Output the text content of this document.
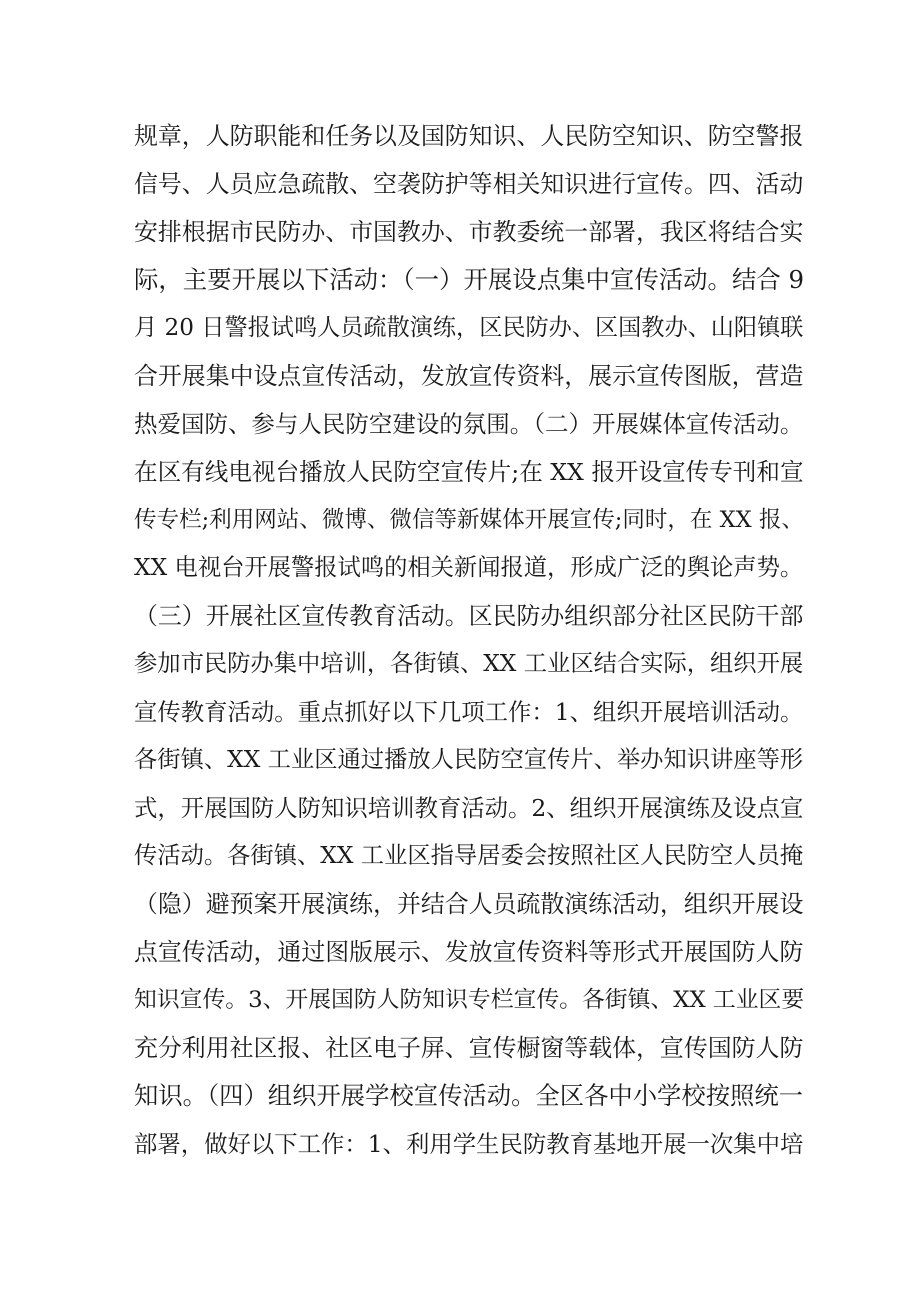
规章，人防职能和任务以及国防知识、人民防空知识、防空警报
信号、人员应急疏散、空袭防护等相关知识进行宣传。四、活动
安排根据市民防办、市国教办、市教委统一部署，我区将结合实
际，主要开展以下活动：（一）开展设点集中宣传活动。结合 9
月 20 日警报试鸣人员疏散演练，区民防办、区国教办、山阳镇联
合开展集中设点宣传活动，发放宣传资料，展示宣传图版，营造
热爱国防、参与人民防空建设的氛围。（二）开展媒体宣传活动。
在区有线电视台播放人民防空宣传片;在 XX 报开设宣传专刊和宣
传专栏;利用网站、微博、微信等新媒体开展宣传;同时，在 XX 报、
XX 电视台开展警报试鸣的相关新闻报道，形成广泛的舆论声势。
（三）开展社区宣传教育活动。区民防办组织部分社区民防干部
参加市民防办集中培训，各街镇、XX 工业区结合实际，组织开展
宣传教育活动。重点抓好以下几项工作：1、组织开展培训活动。
各街镇、XX 工业区通过播放人民防空宣传片、举办知识讲座等形
式，开展国防人防知识培训教育活动。2、组织开展演练及设点宣
传活动。各街镇、XX 工业区指导居委会按照社区人民防空人员掩
（隐）避预案开展演练，并结合人员疏散演练活动，组织开展设
点宣传活动，通过图版展示、发放宣传资料等形式开展国防人防
知识宣传。3、开展国防人防知识专栏宣传。各街镇、XX 工业区要
充分利用社区报、社区电子屏、宣传橱窗等载体，宣传国防人防
知识。（四）组织开展学校宣传活动。全区各中小学校按照统一
部署，做好以下工作：1、利用学生民防教育基地开展一次集中培
